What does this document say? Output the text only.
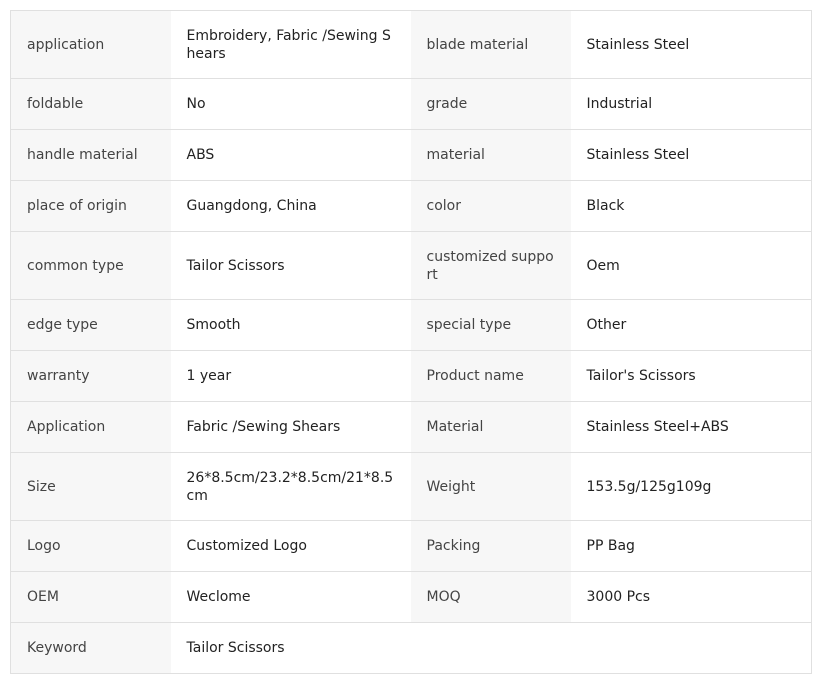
application	Embroidery, Fabric /Sewing Shears	blade material	Stainless Steel
foldable	No	grade	Industrial
handle material	ABS	material	Stainless Steel
place of origin	Guangdong, China	color	Black
common type	Tailor Scissors	customized support	Oem
edge type	Smooth	special type	Other
warranty	1 year	Product name	Tailor's Scissors
Application	Fabric /Sewing Shears	Material	Stainless Steel+ABS
Size	26*8.5cm/23.2*8.5cm/21*8.5cm	Weight	153.5g/125g109g
Logo	Customized Logo	Packing	PP Bag
OEM	Weclome	MOQ	3000 Pcs
Keyword	Tailor Scissors		
